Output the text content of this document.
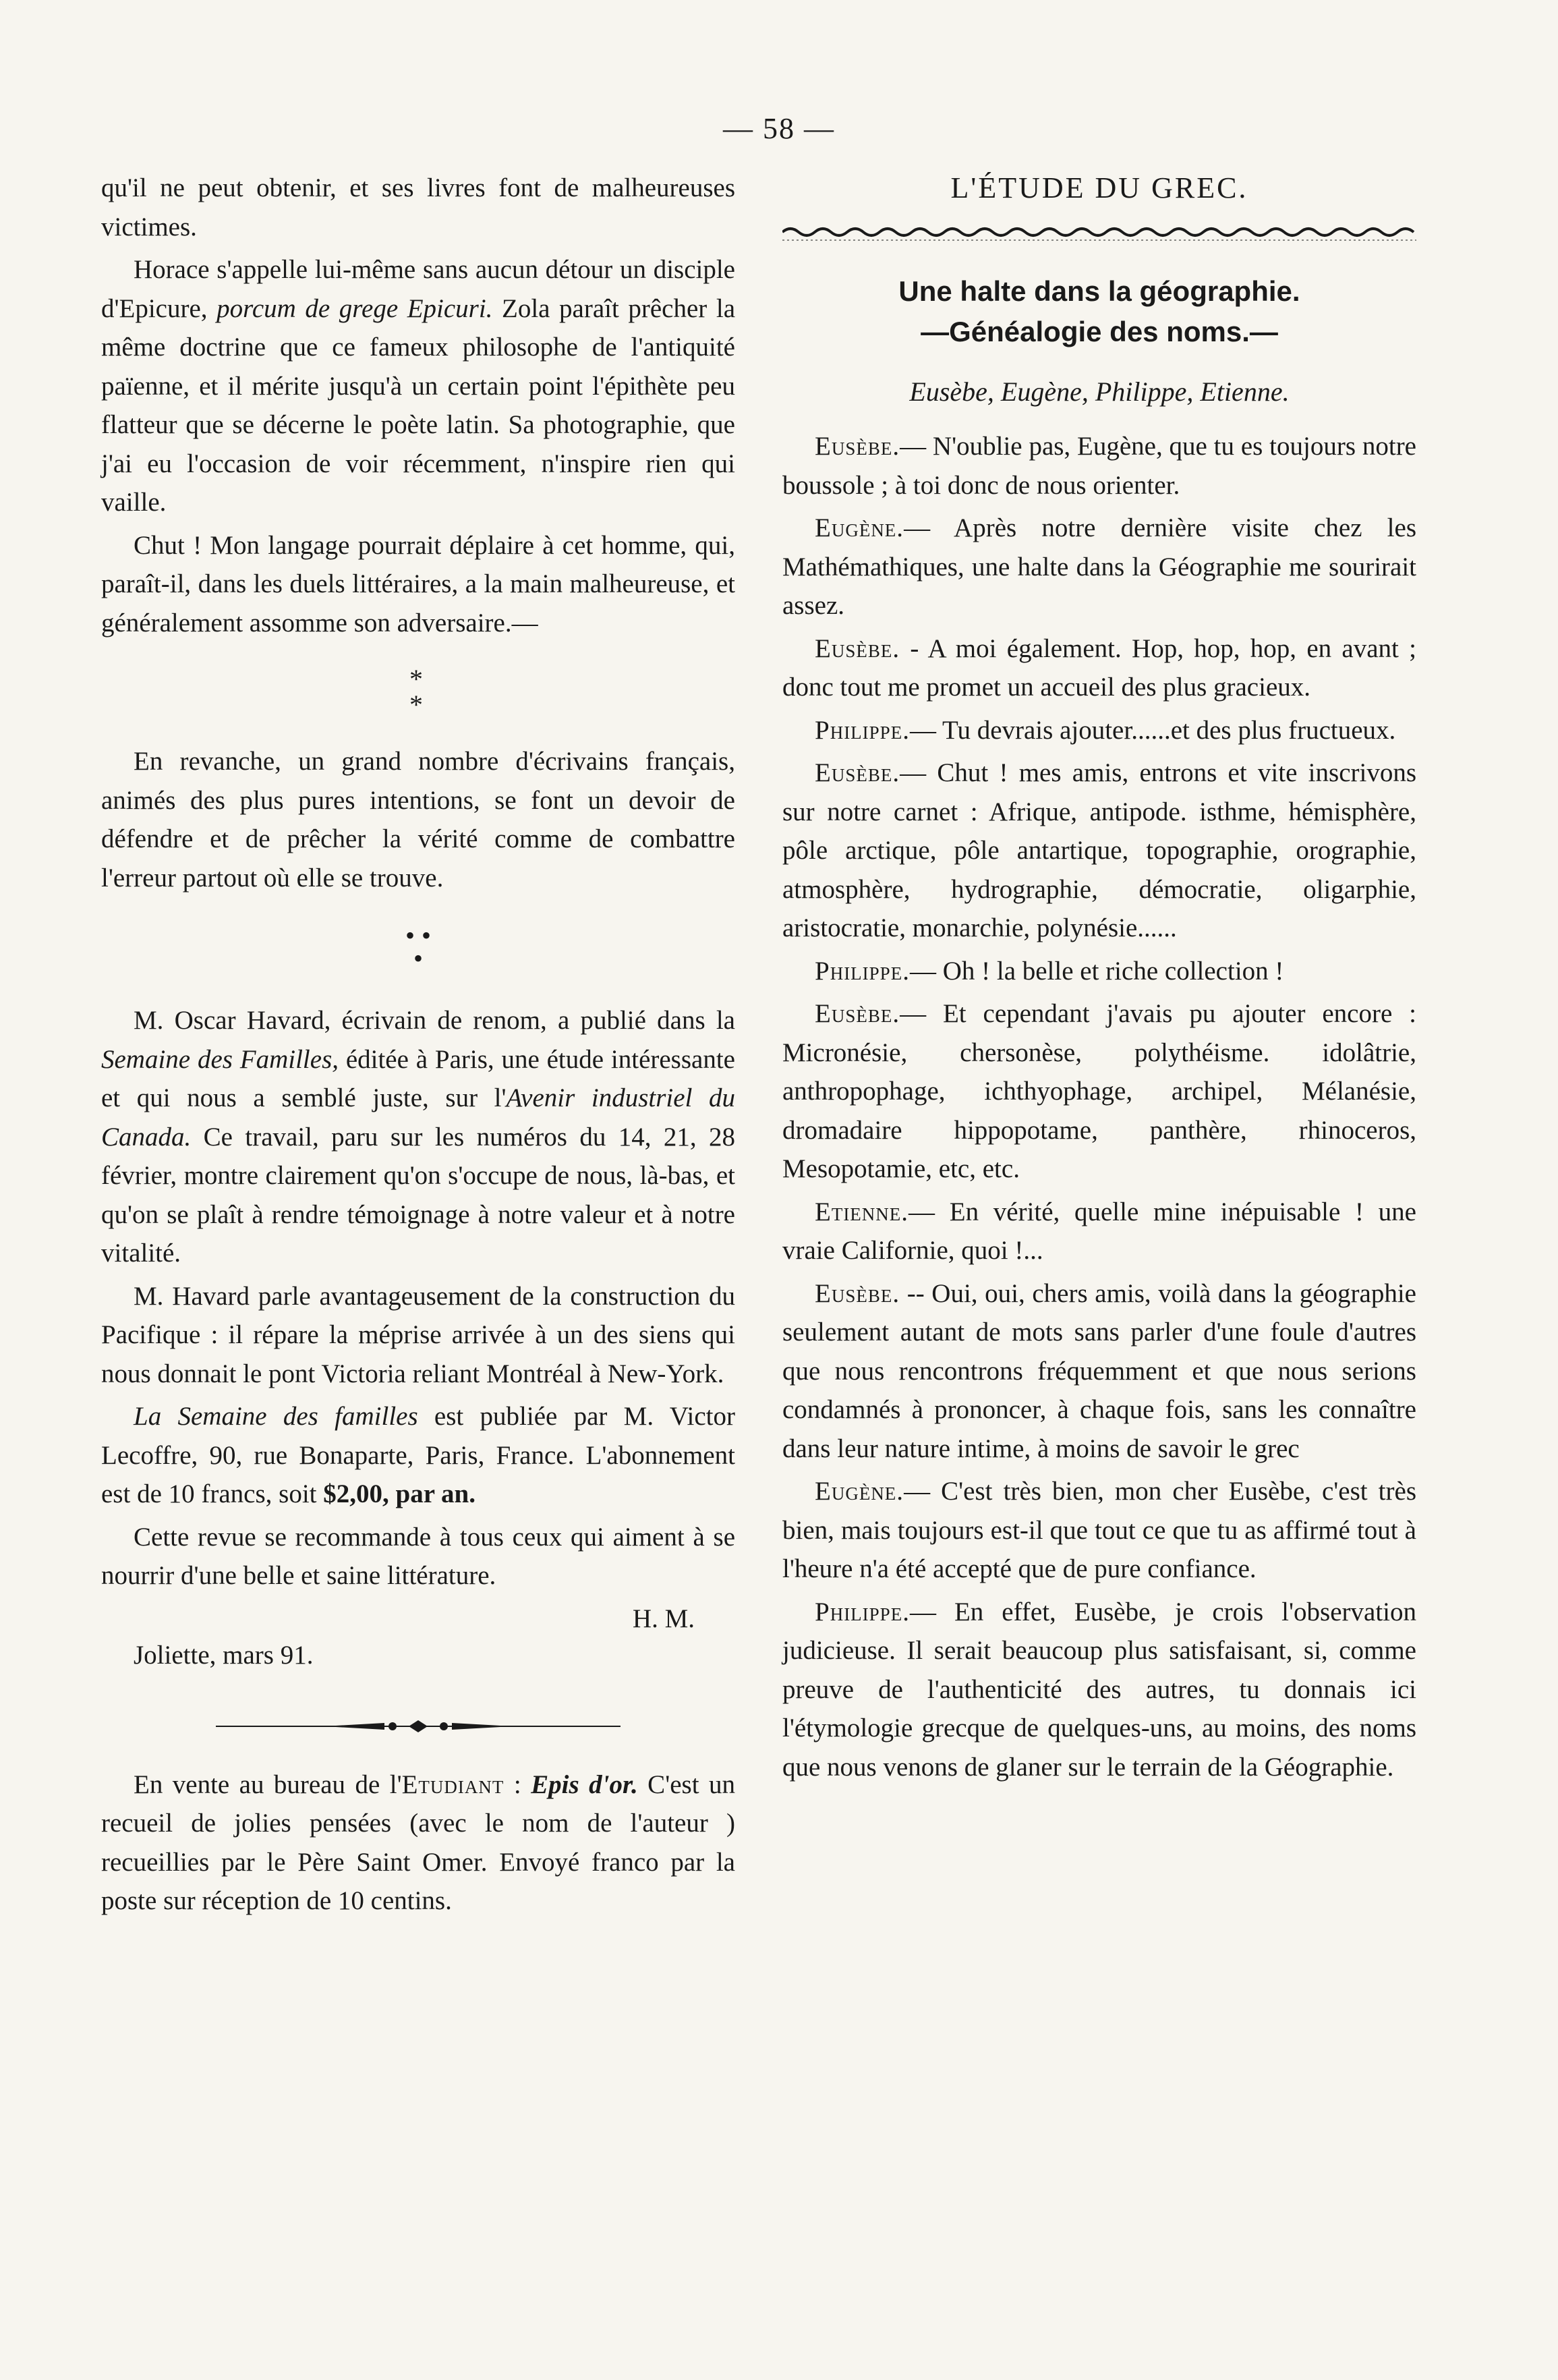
— 58 —

qu'il ne peut obtenir, et ses livres font de malheureuses victimes.

Horace s'appelle lui-même sans aucun détour un disciple d'Epicure, porcum de grege Epicuri. Zola paraît prêcher la même doctrine que ce fameux philosophe de l'antiquité païenne, et il mérite jusqu'à un certain point l'épithète peu flatteur que se décerne le poète latin. Sa photographie, que j'ai eu l'occasion de voir récemment, n'inspire rien qui vaille.

Chut ! Mon langage pourrait déplaire à cet homme, qui, paraît-il, dans les duels littéraires, a la main malheureuse, et généralement assomme son adversaire.—

*
*

En revanche, un grand nombre d'écrivains français, animés des plus pures intentions, se font un devoir de défendre et de prêcher la vérité comme de combattre l'erreur partout où elle se trouve.

• •
•

M. Oscar Havard, écrivain de renom, a publié dans la Semaine des Familles, éditée à Paris, une étude intéressante et qui nous a semblé juste, sur l'Avenir industriel du Canada. Ce travail, paru sur les numéros du 14, 21, 28 février, montre clairement qu'on s'occupe de nous, là-bas, et qu'on se plaît à rendre témoignage à notre valeur et à notre vitalité.

M. Havard parle avantageusement de la construction du Pacifique : il répare la méprise arrivée à un des siens qui nous donnait le pont Victoria reliant Montréal à New-York.

La Semaine des familles est publiée par M. Victor Lecoffre, 90, rue Bonaparte, Paris, France. L'abonnement est de 10 francs, soit $2,00, par an.

Cette revue se recommande à tous ceux qui aiment à se nourrir d'une belle et saine littérature.

H. M.
Joliette, mars 91.

En vente au bureau de l'Etudiant : Epis d'or. C'est un recueil de jolies pensées (avec le nom de l'auteur ) recueillies par le Père Saint Omer. Envoyé franco par la poste sur réception de 10 centins.

L'ÉTUDE DU GREC.
Une halte dans la géographie.
—Généalogie des noms.—
Eusèbe, Eugène, Philippe, Etienne.

Eusèbe.— N'oublie pas, Eugène, que tu es toujours notre boussole ; à toi donc de nous orienter.

Eugène.— Après notre dernière visite chez les Mathémathiques, une halte dans la Géographie me sourirait assez.

Eusèbe. - A moi également. Hop, hop, hop, en avant ; donc tout me promet un accueil des plus gracieux.

Philippe.— Tu devrais ajouter......et des plus fructueux.

Eusèbe.— Chut ! mes amis, entrons et vite inscrivons sur notre carnet : Afrique, antipode. isthme, hémisphère, pôle arctique, pôle antartique, topographie, orographie, atmosphère, hydrographie, démocratie, oligarphie, aristocratie, monarchie, polynésie......

Philippe.— Oh ! la belle et riche collection !

Eusèbe.— Et cependant j'avais pu ajouter encore : Micronésie, chersonèse, polythéisme. idolâtrie, anthropophage, ichthyophage, archipel, Mélanésie, dromadaire hippopotame, panthère, rhinoceros, Mesopotamie, etc, etc.

Etienne.— En vérité, quelle mine inépuisable ! une vraie Californie, quoi !...

Eusèbe. -- Oui, oui, chers amis, voilà dans la géographie seulement autant de mots sans parler d'une foule d'autres que nous rencontrons fréquemment et que nous serions condamnés à prononcer, à chaque fois, sans les connaître dans leur nature intime, à moins de savoir le grec

Eugène.— C'est très bien, mon cher Eusèbe, c'est très bien, mais toujours est-il que tout ce que tu as affirmé tout à l'heure n'a été accepté que de pure confiance.

Philippe.— En effet, Eusèbe, je crois l'observation judicieuse. Il serait beaucoup plus satisfaisant, si, comme preuve de l'authenticité des autres, tu donnais ici l'étymologie grecque de quelques-uns, au moins, des noms que nous venons de glaner sur le terrain de la Géographie.
